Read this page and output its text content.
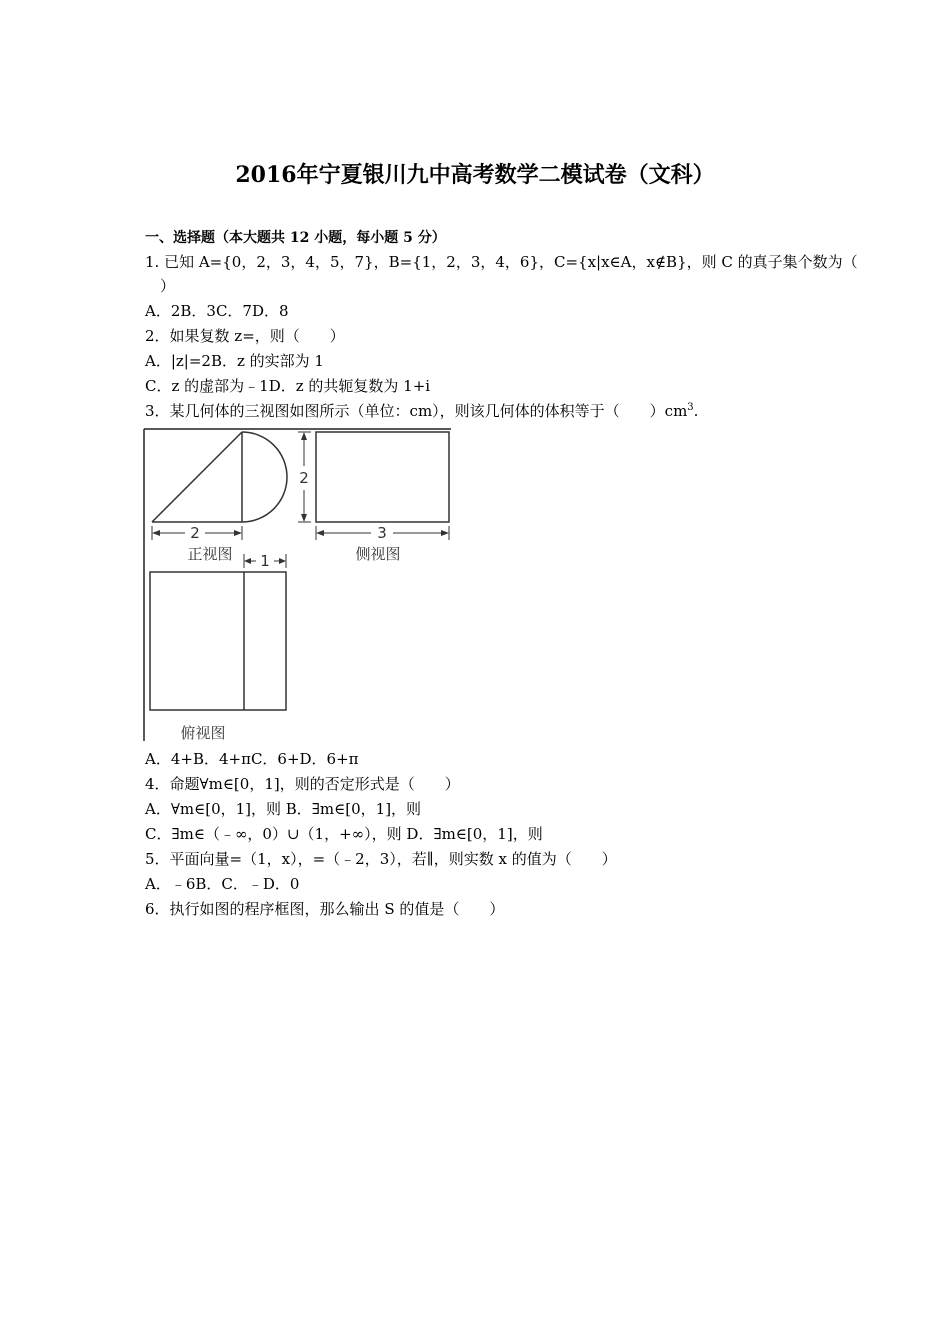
2016年宁夏银川九中高考数学二模试卷（文科）
一、选择题（本大题共 12 小题，每小题 5 分）
1. 已知 A={0，2，3，4，5，7}，B={1，2，3，4，6}，C={x|x∈A，x∉B}，则 C 的真子集个数为（
）
A．2B．3C．7D．8
2．如果复数 z=，则（　　）
A．|z|=2B．z 的实部为 1
C．z 的虚部为﹣1D．z 的共轭复数为 1+i
3．某几何体的三视图如图所示（单位：cm），则该几何体的体积等于（　　）$cm^3$.
2
正视图
2
3
侧视图
1
俯视图
A．4+B．4+πC．6+D．6+π
4．命题∀m∈[0，1]，则的否定形式是（　　）
A．∀m∈[0，1]，则 B．∃m∈[0，1]，则
C．∃m∈（﹣∞，0）∪（1，+∞），则 D．∃m∈[0，1]，则
5．平面向量=（1，x），=（﹣2，3），若∥，则实数 x 的值为（　　）
A．﹣6B．C．﹣D．0
6．执行如图的程序框图，那么输出 S 的值是（　　）
